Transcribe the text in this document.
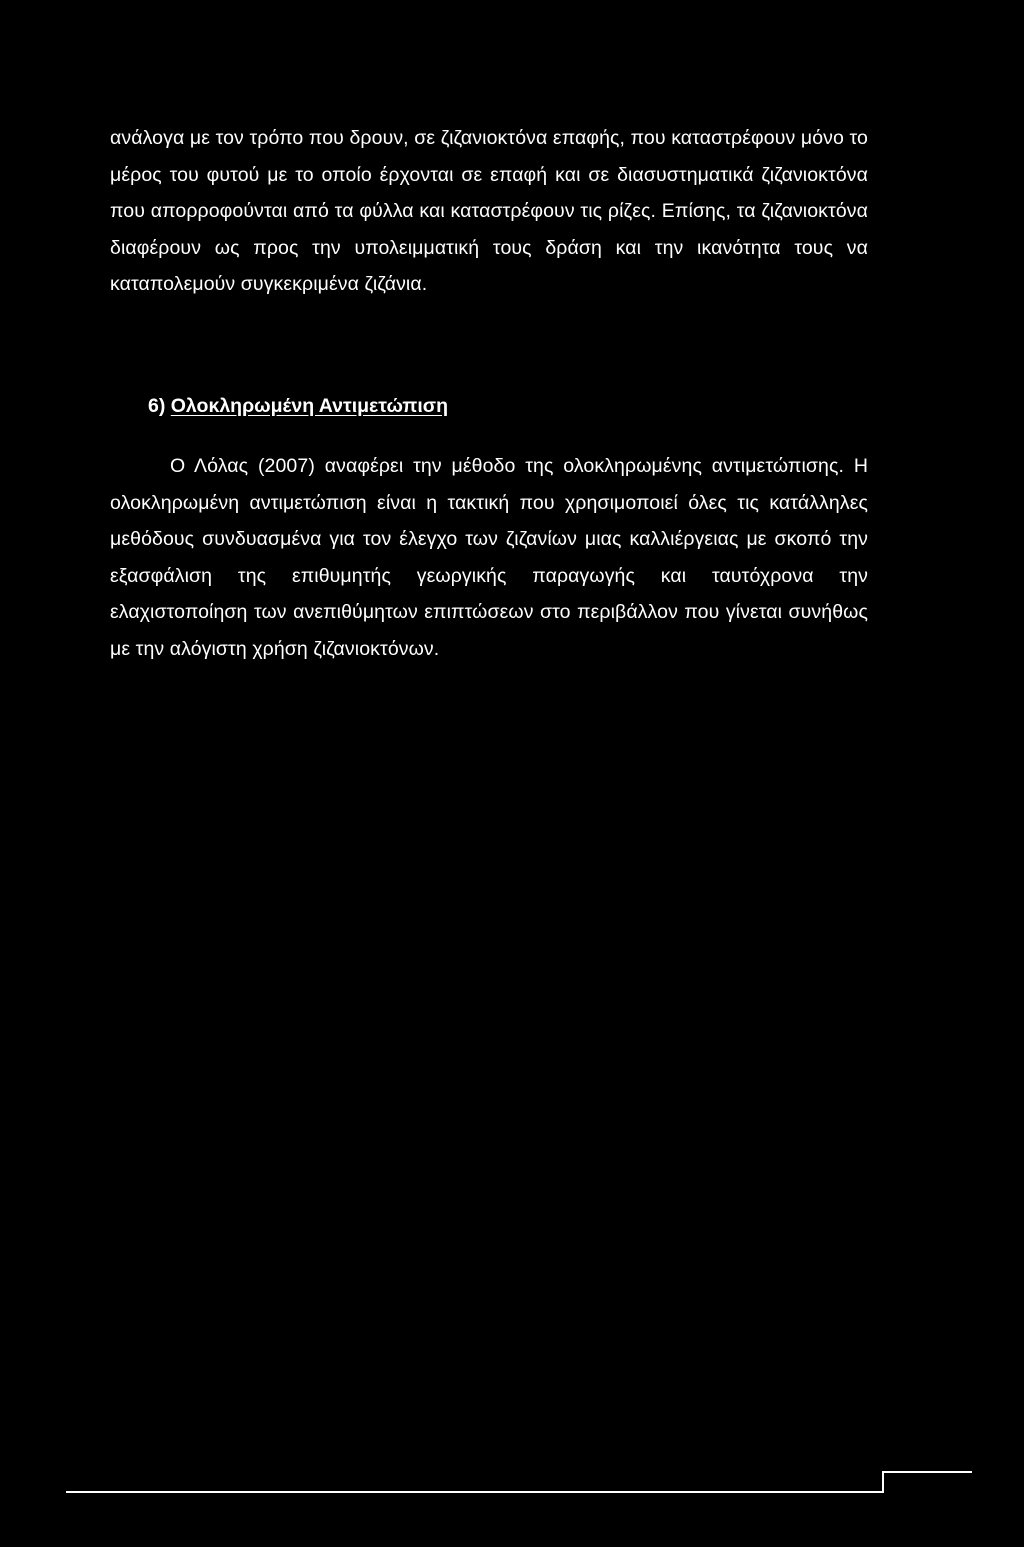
ανάλογα με τον τρόπο που δρουν, σε ζιζανιοκτόνα επαφής, που καταστρέφουν μόνο το μέρος του φυτού με το οποίο έρχονται σε επαφή και σε διασυστηματικά ζιζανιοκτόνα που απορροφούνται από τα φύλλα και καταστρέφουν τις ρίζες. Επίσης, τα ζιζανιοκτόνα διαφέρουν ως προς την υπολειμματική τους δράση και την ικανότητα τους να καταπολεμούν συγκεκριμένα ζιζάνια.

6) Ολοκληρωμένη Αντιμετώπιση

Ο Λόλας (2007) αναφέρει την μέθοδο της ολοκληρωμένης αντιμετώπισης. Η ολοκληρωμένη αντιμετώπιση είναι η τακτική που χρησιμοποιεί όλες τις κατάλληλες μεθόδους συνδυασμένα για τον έλεγχο των ζιζανίων μιας καλλιέργειας με σκοπό την εξασφάλιση της επιθυμητής γεωργικής παραγωγής και ταυτόχρονα την ελαχιστοποίηση των ανεπιθύμητων επιπτώσεων στο περιβάλλον που γίνεται συνήθως με την αλόγιστη χρήση ζιζανιοκτόνων.
